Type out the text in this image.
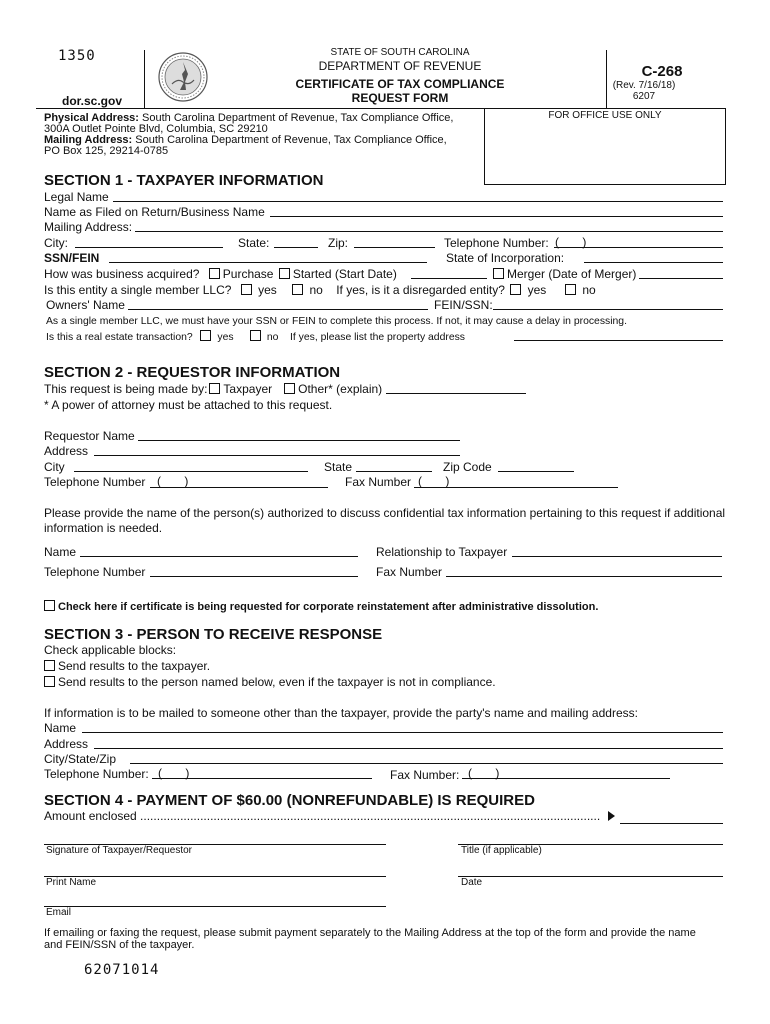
1350
dor.sc.gov
STATE OF SOUTH CAROLINA
DEPARTMENT OF REVENUE
CERTIFICATE OF TAX COMPLIANCE
REQUEST FORM
C-268
(Rev. 7/16/18)
6207
FOR OFFICE USE ONLY
Physical Address: South Carolina Department of Revenue, Tax Compliance Office,
300A Outlet Pointe Blvd, Columbia, SC 29210
Mailing Address: South Carolina Department of Revenue, Tax Compliance Office,
PO Box 125, 29214-0785
SECTION 1 - TAXPAYER INFORMATION
Legal Name
Name as Filed on Return/Business Name
Mailing Address:
City:	State:	Zip:	Telephone Number: (       )
SSN/FEIN	State of Incorporation:
How was business acquired? Purchase Started (Start Date)	Merger (Date of Merger)
Is this entity a single member LLC? yes	no If yes, is it a disregarded entity? yes	no
Owners' Name	FEIN/SSN:
As a single member LLC, we must have your SSN or FEIN to complete this process. If not, it may cause a delay in processing.
Is this a real estate transaction? yes	no If yes, please list the property address
SECTION 2 - REQUESTOR INFORMATION
This request is being made by: Taxpayer Other* (explain)
* A power of attorney must be attached to this request.
Requestor Name
Address
City	State	Zip Code
Telephone Number (       )	Fax Number (       )
Please provide the name of the person(s) authorized to discuss confidential tax information pertaining to this request if additional
information is needed.
Name	Relationship to Taxpayer
Telephone Number	Fax Number
Check here if certificate is being requested for corporate reinstatement after administrative dissolution.
SECTION 3 - PERSON TO RECEIVE RESPONSE
Check applicable blocks:
Send results to the taxpayer.
Send results to the person named below, even if the taxpayer is not in compliance.
If information is to be mailed to someone other than the taxpayer, provide the party's name and mailing address:
Name
Address
City/State/Zip
Telephone Number: (       )	Fax Number: (       )
SECTION 4 - PAYMENT OF $60.00 (NONREFUNDABLE) IS REQUIRED
Amount enclosed ..........................................................................................................................................
Signature of Taxpayer/Requestor	Title (if applicable)
Print Name	Date
Email
If emailing or faxing the request, please submit payment separately to the Mailing Address at the top of the form and provide the name
and FEIN/SSN of the taxpayer.
62071014
